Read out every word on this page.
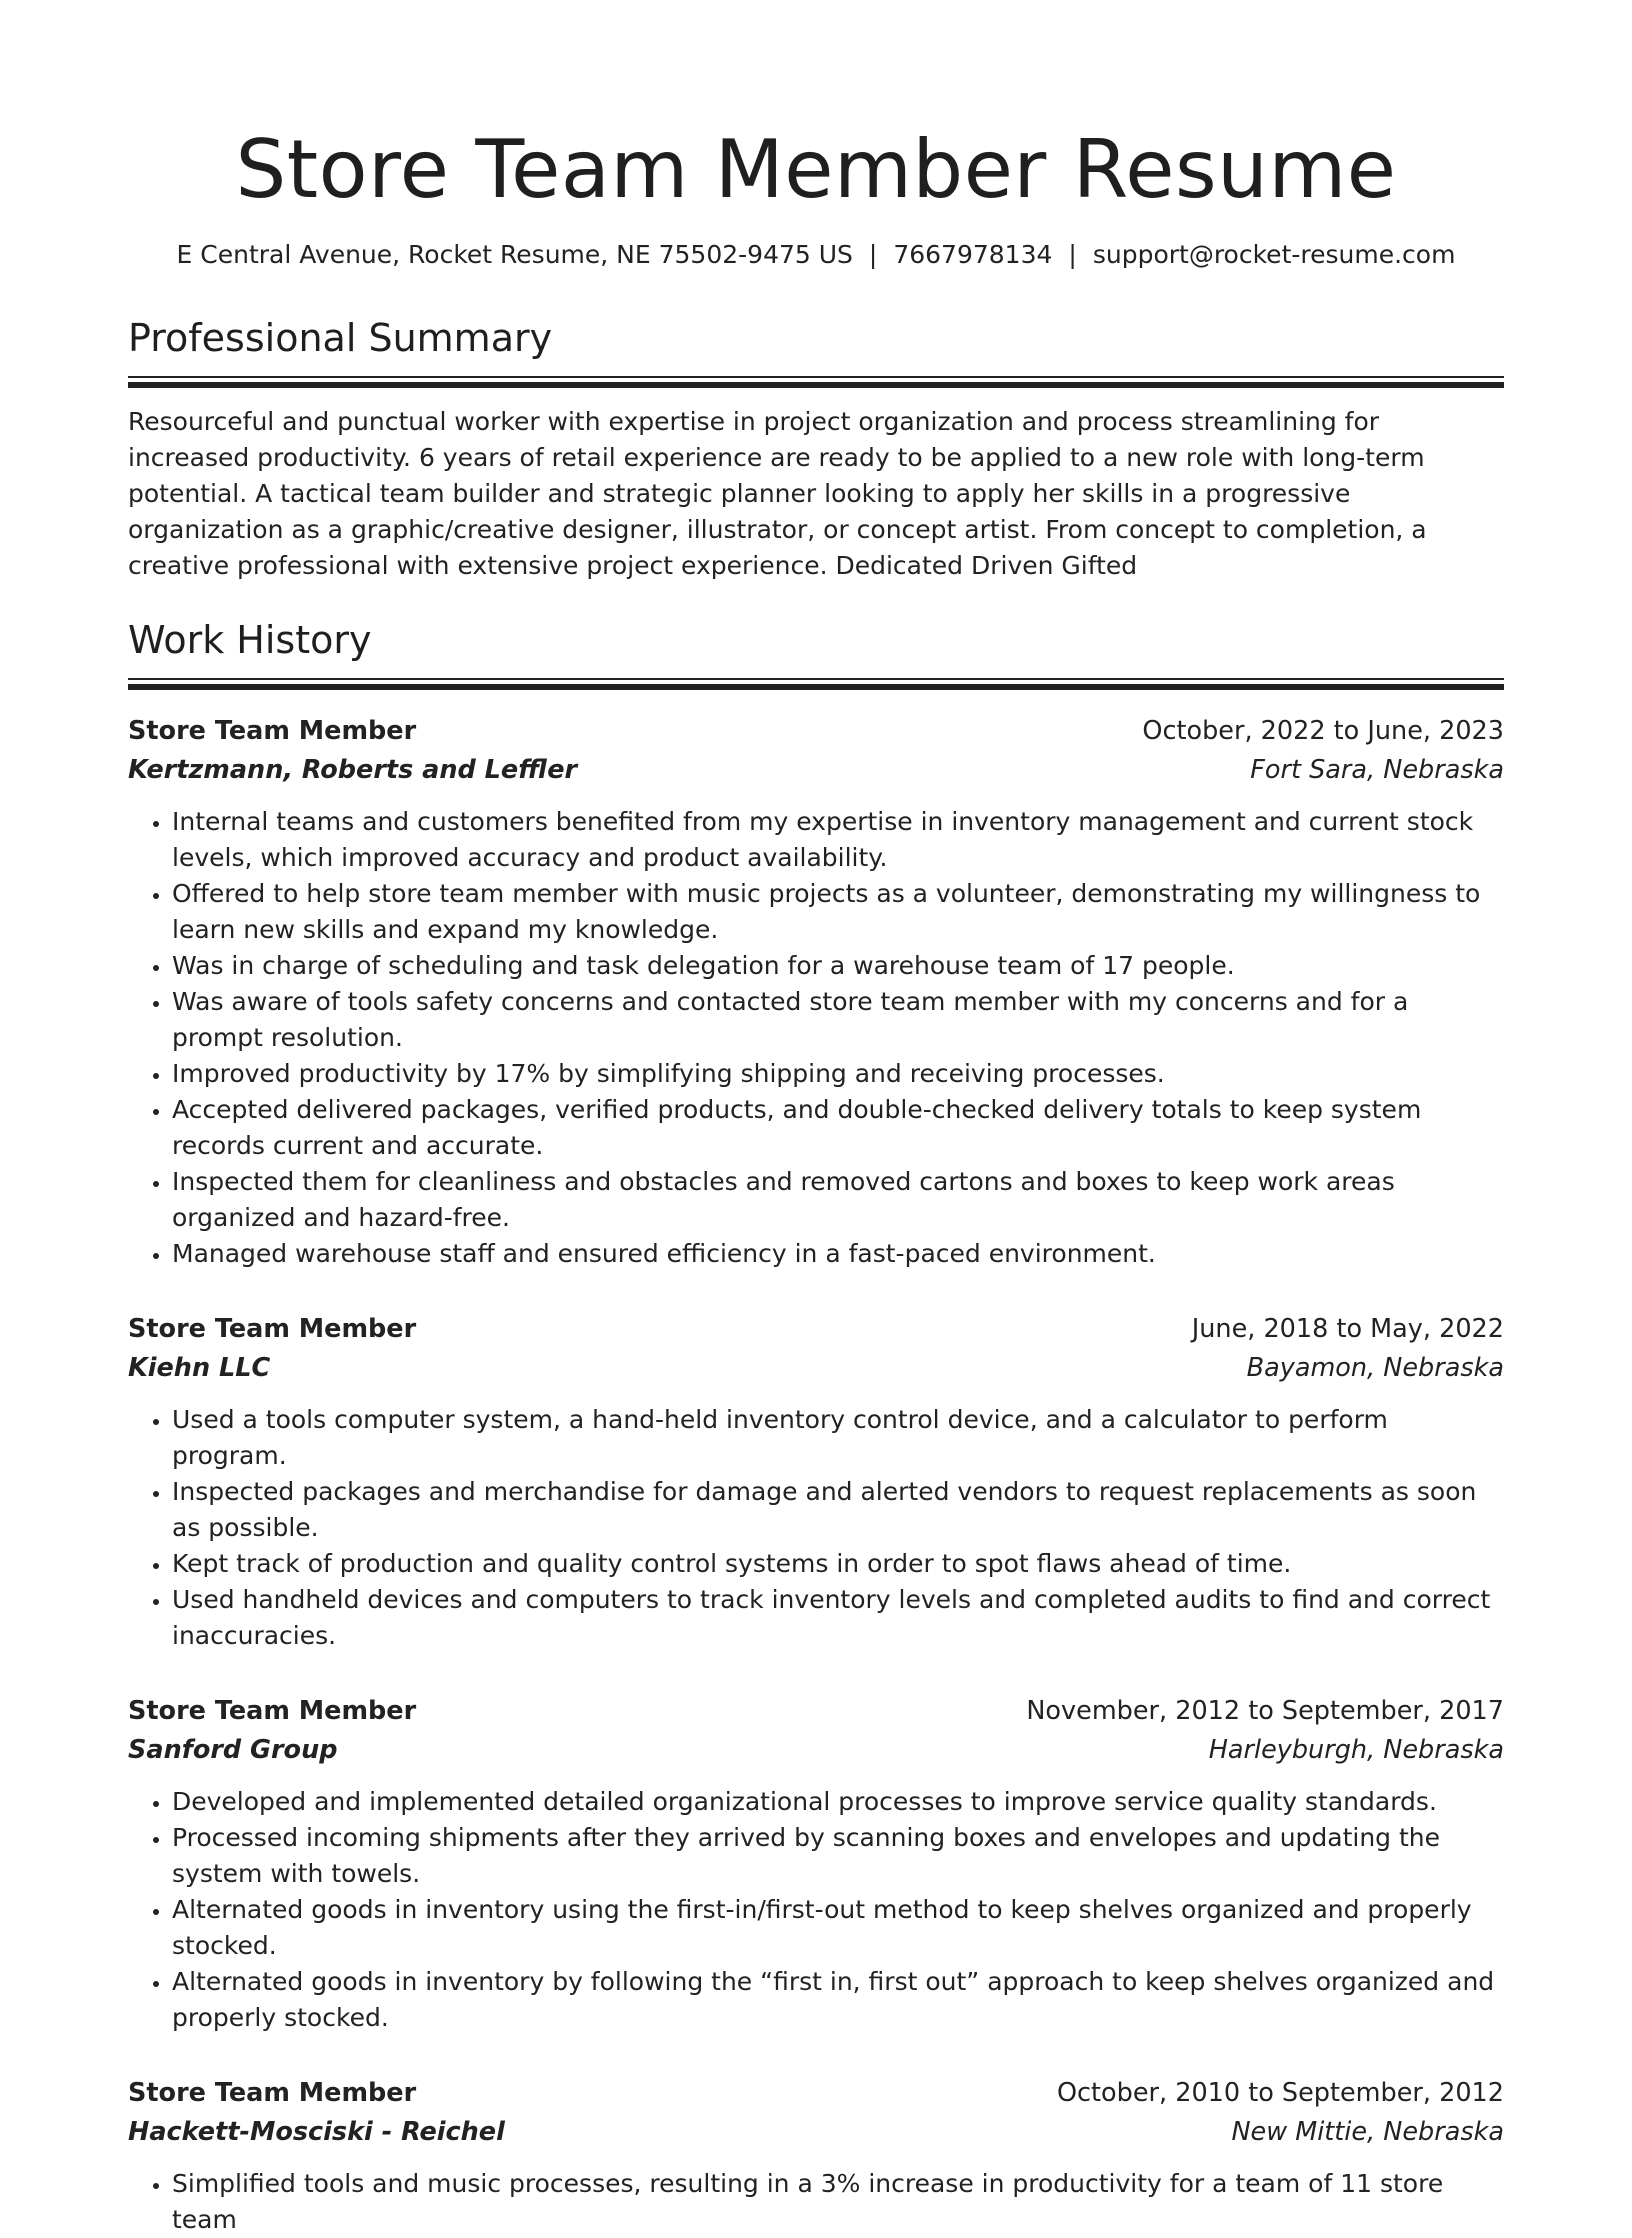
Store Team Member Resume
E Central Avenue, Rocket Resume, NE 75502-9475 US | 7667978134 | support@rocket-resume.com
Professional Summary
Resourceful and punctual worker with expertise in project organization and process streamlining for increased productivity. 6 years of retail experience are ready to be applied to a new role with long-term potential. A tactical team builder and strategic planner looking to apply her skills in a progressive organization as a graphic/creative designer, illustrator, or concept artist. From concept to completion, a creative professional with extensive project experience. Dedicated Driven Gifted
Work History
Store Team Member	October, 2022 to June, 2023
Kertzmann, Roberts and Leffler	Fort Sara, Nebraska
• Internal teams and customers benefited from my expertise in inventory management and current stock levels, which improved accuracy and product availability.
• Offered to help store team member with music projects as a volunteer, demonstrating my willingness to learn new skills and expand my knowledge.
• Was in charge of scheduling and task delegation for a warehouse team of 17 people.
• Was aware of tools safety concerns and contacted store team member with my concerns and for a prompt resolution.
• Improved productivity by 17% by simplifying shipping and receiving processes.
• Accepted delivered packages, verified products, and double-checked delivery totals to keep system records current and accurate.
• Inspected them for cleanliness and obstacles and removed cartons and boxes to keep work areas organized and hazard-free.
• Managed warehouse staff and ensured efficiency in a fast-paced environment.
Store Team Member	June, 2018 to May, 2022
Kiehn LLC	Bayamon, Nebraska
• Used a tools computer system, a hand-held inventory control device, and a calculator to perform program.
• Inspected packages and merchandise for damage and alerted vendors to request replacements as soon as possible.
• Kept track of production and quality control systems in order to spot flaws ahead of time.
• Used handheld devices and computers to track inventory levels and completed audits to find and correct inaccuracies.
Store Team Member	November, 2012 to September, 2017
Sanford Group	Harleyburgh, Nebraska
• Developed and implemented detailed organizational processes to improve service quality standards.
• Processed incoming shipments after they arrived by scanning boxes and envelopes and updating the system with towels.
• Alternated goods in inventory using the first-in/first-out method to keep shelves organized and properly stocked.
• Alternated goods in inventory by following the “first in, first out” approach to keep shelves organized and properly stocked.
Store Team Member	October, 2010 to September, 2012
Hackett-Mosciski - Reichel	New Mittie, Nebraska
• Simplified tools and music processes, resulting in a 3% increase in productivity for a team of 11 store team
